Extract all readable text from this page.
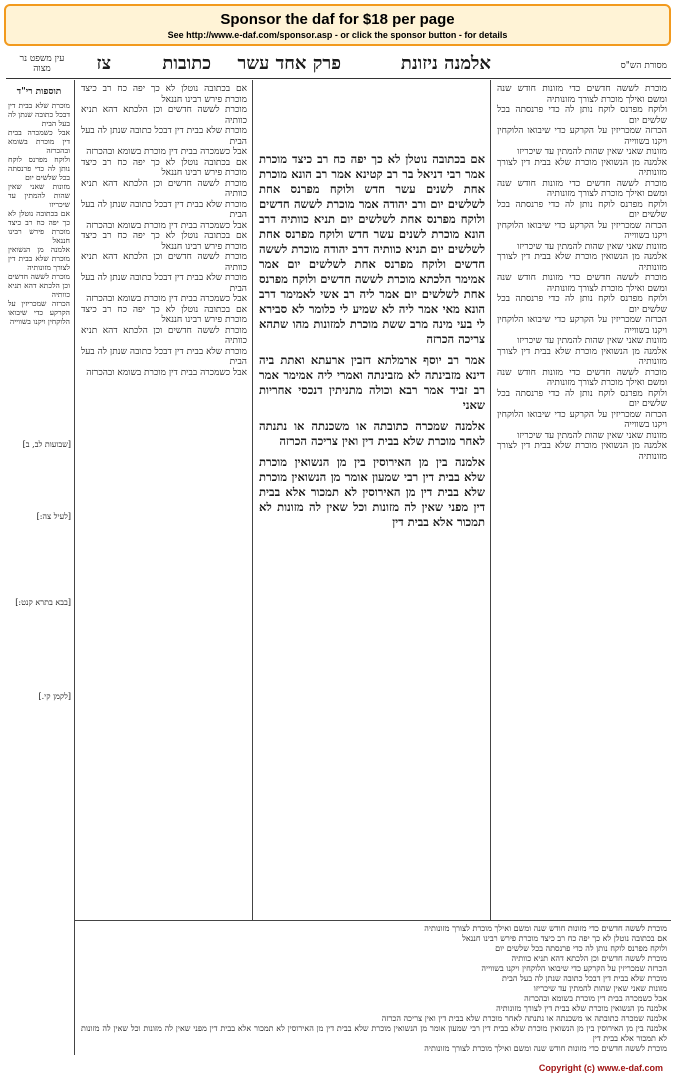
Sponsor the daf for $18 per page
See http://www.e-daf.com/sponsor.asp - or click the sponsor button - for details
מסורת הש"ס
אלמנה ניזונת
פרק אחד עשר
כתובות
צז
עין משפט נר מצוה
מוכרת לששה חדשים כדי מזונות חודש שנה ומשם ואילך מוכרת לצורך מזונותיה
ולוקח מפרנס לוקח נותן לה כדי פרנסתה בכל שלשים יום
הכרזה שמכריזין על הקרקע כדי שיבואו הלוקחין ויקנו בשווייה
מזונות שאני שאין שהות להמתין עד שיכריזו
אלמנה מן הנשואין מוכרת שלא בבית דין לצורך מזונותיה
מוכרת לששה חדשים כדי מזונות חודש שנה ומשם ואילך מוכרת לצורך מזונותיה
ולוקח מפרנס לוקח נותן לה כדי פרנסתה בכל שלשים יום
הכרזה שמכריזין על הקרקע כדי שיבואו הלוקחין ויקנו בשווייה
מזונות שאני שאין שהות להמתין עד שיכריזו
אלמנה מן הנשואין מוכרת שלא בבית דין לצורך מזונותיה
מוכרת לששה חדשים כדי מזונות חודש שנה ומשם ואילך מוכרת לצורך מזונותיה
ולוקח מפרנס לוקח נותן לה כדי פרנסתה בכל שלשים יום
הכרזה שמכריזין על הקרקע כדי שיבואו הלוקחין ויקנו בשווייה
מזונות שאני שאין שהות להמתין עד שיכריזו
אלמנה מן הנשואין מוכרת שלא בבית דין לצורך מזונותיה
מוכרת לששה חדשים כדי מזונות חודש שנה ומשם ואילך מוכרת לצורך מזונותיה
ולוקח מפרנס לוקח נותן לה כדי פרנסתה בכל שלשים יום
הכרזה שמכריזין על הקרקע כדי שיבואו הלוקחין ויקנו בשווייה
מזונות שאני שאין שהות להמתין עד שיכריזו
אלמנה מן הנשואין מוכרת שלא בבית דין לצורך מזונותיה

אם בכתובה נוטלן לא כך יפה כח רב כיצד מוכרת אמר רבי דניאל בר רב קטינא אמר רב הונא מוכרת אחת לשנים עשר חדש ולוקח מפרנס אחת לשלשים יום ורב יהודה אמר מוכרת לששה חדשים ולוקח מפרנס אחת לשלשים יום תניא כוותיה דרב הונא מוכרת לשנים עשר חדש ולוקח מפרנס אחת לשלשים יום תניא כוותיה דרב יהודה מוכרת לששה חדשים ולוקח מפרנס אחת לשלשים יום אמר אמימר הלכתא מוכרת לששה חדשים ולוקח מפרנס אחת לשלשים יום אמר ליה רב אשי לאמימר דרב הונא מאי אמר ליה לא שמיע לי כלומר לא סבירא לי בעי מינה מרב ששת מוכרת למזונות מהו שתהא צריכה הכרזה

אמר רב יוסף ארמלתא דזבין ארעתא ואתת ביה דינא מזבינתה לא מזבינתה ואמרי ליה אמימר אמר רב זביד אמר רבא וכולה מתניתין דנכסי אחריות שאני

אלמנה שמכרה כתובתה או משכנתה או נתנתה לאחר מוכרת שלא בבית דין ואין צריכה הכרזה

אלמנה בין מן האירוסין בין מן הנשואין מוכרת שלא בבית דין רבי שמעון אומר מן הנשואין מוכרת שלא בבית דין מן האירוסין לא תמכור אלא בבית דין מפני שאין לה מזונות וכל שאין לה מזונות לא תמכור אלא בבית דין

אם בכתובה נוטלן לא כך יפה כח רב כיצד מוכרת פירש רבינו חננאל
מוכרת לששה חדשים וכן הלכתא דהא תניא כוותיה
מוכרת שלא בבית דין דבכל כתובה שנתן לה בעל הבית
אבל כשמכרה בבית דין מוכרת בשומא ובהכרזה
אם בכתובה נוטלן לא כך יפה כח רב כיצד מוכרת פירש רבינו חננאל
מוכרת לששה חדשים וכן הלכתא דהא תניא כוותיה
מוכרת שלא בבית דין דבכל כתובה שנתן לה בעל הבית
אבל כשמכרה בבית דין מוכרת בשומא ובהכרזה
אם בכתובה נוטלן לא כך יפה כח רב כיצד מוכרת פירש רבינו חננאל
מוכרת לששה חדשים וכן הלכתא דהא תניא כוותיה
מוכרת שלא בבית דין דבכל כתובה שנתן לה בעל הבית
אבל כשמכרה בבית דין מוכרת בשומא ובהכרזה
אם בכתובה נוטלן לא כך יפה כח רב כיצד מוכרת פירש רבינו חננאל
מוכרת לששה חדשים וכן הלכתא דהא תניא כוותיה
מוכרת שלא בבית דין דבכל כתובה שנתן לה בעל הבית
אבל כשמכרה בבית דין מוכרת בשומא ובהכרזה
תוספות רי"ד
מוכרת שלא בבית דין דבכל כתובה שנתן לה בעל הבית
אבל כשמכרה בבית דין מוכרת בשומא ובהכרזה
ולוקח מפרנס לוקח נותן לה כדי פרנסתה בכל שלשים יום
מזונות שאני שאין שהות להמתין עד שיכריזו
אם בכתובה נוטלן לא כך יפה כח רב כיצד מוכרת פירש רבינו חננאל
אלמנה מן הנשואין מוכרת שלא בבית דין לצורך מזונותיה
מוכרת לששה חדשים וכן הלכתא דהא תניא כוותיה
הכרזה שמכריזין על הקרקע כדי שיבואו הלוקחין ויקנו בשווייה
[שבועות לב, ב]
[לעיל צה:]
[בבא בתרא קנט:]
[לקמן קי.]
מוכרת לששה חדשים כדי מזונות חודש שנה ומשם ואילך מוכרת לצורך מזונותיה
אם בכתובה נוטלן לא כך יפה כח רב כיצד מוכרת פירש רבינו חננאל
ולוקח מפרנס לוקח נותן לה כדי פרנסתה בכל שלשים יום
מוכרת לששה חדשים וכן הלכתא דהא תניא כוותיה
הכרזה שמכריזין על הקרקע כדי שיבואו הלוקחין ויקנו בשווייה
מוכרת שלא בבית דין דבכל כתובה שנתן לה בעל הבית
מזונות שאני שאין שהות להמתין עד שיכריזו
אבל כשמכרה בבית דין מוכרת בשומא ובהכרזה
אלמנה מן הנשואין מוכרת שלא בבית דין לצורך מזונותיה
אלמנה שמכרה כתובתה או משכנתה או נתנתה לאחר מוכרת שלא בבית דין ואין צריכה הכרזה
אלמנה בין מן האירוסין בין מן הנשואין מוכרת שלא בבית דין רבי שמעון אומר מן הנשואין מוכרת שלא בבית דין מן האירוסין לא תמכור אלא בבית דין מפני שאין לה מזונות וכל שאין לה מזונות לא תמכור אלא בבית דין
מוכרת לששה חדשים כדי מזונות חודש שנה ומשם ואילך מוכרת לצורך מזונותיה
Copyright (c) www.e-daf.com
